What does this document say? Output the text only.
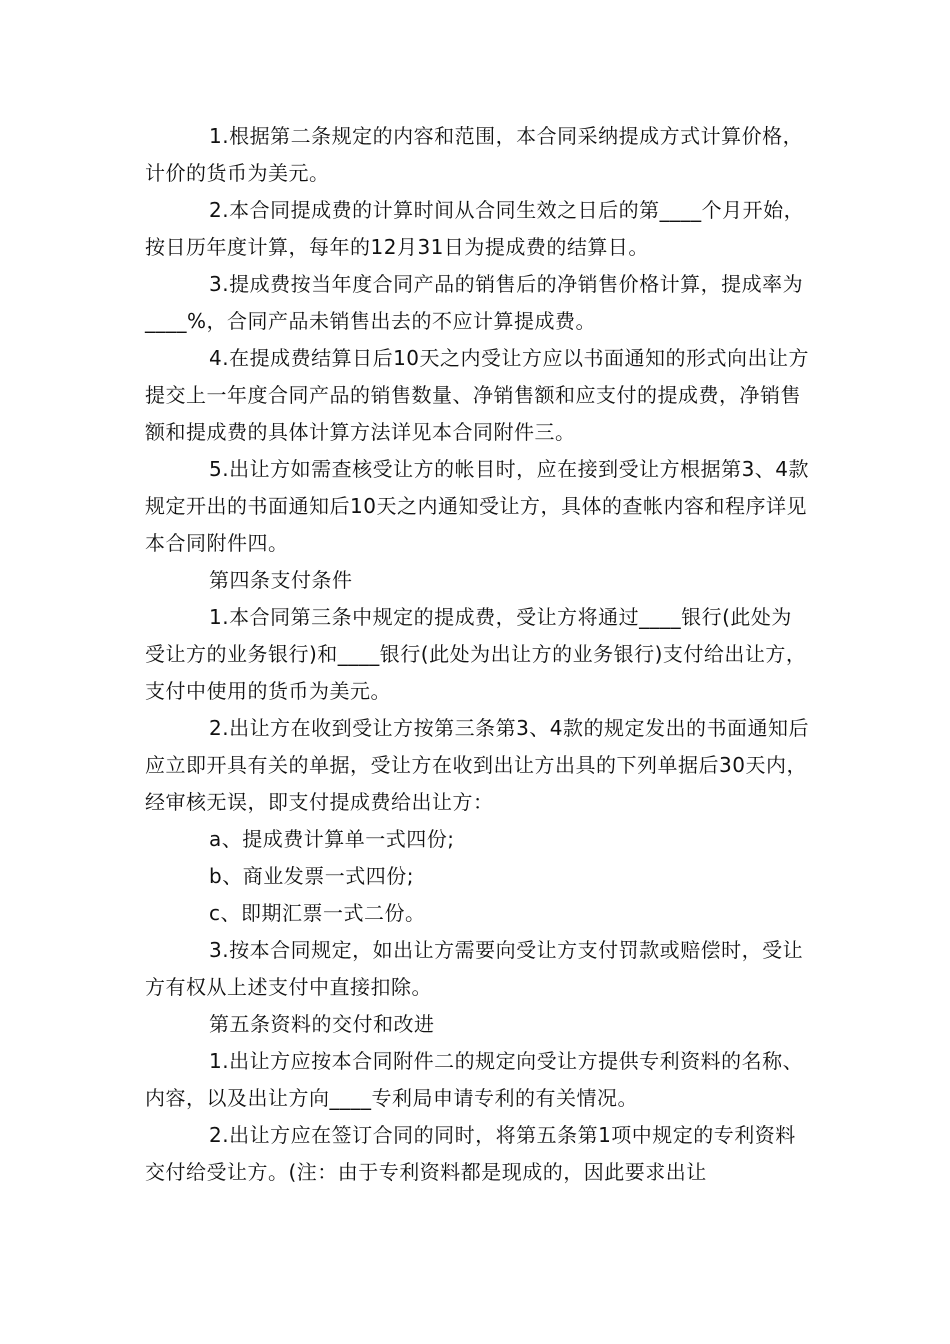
1.根据第二条规定的内容和范围，本合同采纳提成方式计算价格，计价的货币为美元。

2.本合同提成费的计算时间从合同生效之日后的第____个月开始，按日历年度计算，每年的12月31日为提成费的结算日。

3.提成费按当年度合同产品的销售后的净销售价格计算，提成率为____%，合同产品未销售出去的不应计算提成费。

4.在提成费结算日后10天之内受让方应以书面通知的形式向出让方提交上一年度合同产品的销售数量、净销售额和应支付的提成费，净销售额和提成费的具体计算方法详见本合同附件三。

5.出让方如需查核受让方的帐目时，应在接到受让方根据第3、4款规定开出的书面通知后10天之内通知受让方，具体的查帐内容和程序详见本合同附件四。

第四条支付条件

1.本合同第三条中规定的提成费，受让方将通过____银行(此处为受让方的业务银行)和____银行(此处为出让方的业务银行)支付给出让方，支付中使用的货币为美元。

2.出让方在收到受让方按第三条第3、4款的规定发出的书面通知后应立即开具有关的单据，受让方在收到出让方出具的下列单据后30天内，经审核无误，即支付提成费给出让方：

a、提成费计算单一式四份;

b、商业发票一式四份;

c、即期汇票一式二份。

3.按本合同规定，如出让方需要向受让方支付罚款或赔偿时，受让方有权从上述支付中直接扣除。

第五条资料的交付和改进

1.出让方应按本合同附件二的规定向受让方提供专利资料的名称、内容，以及出让方向____专利局申请专利的有关情况。

2.出让方应在签订合同的同时，将第五条第1项中规定的专利资料交付给受让方。(注：由于专利资料都是现成的，因此要求出让
